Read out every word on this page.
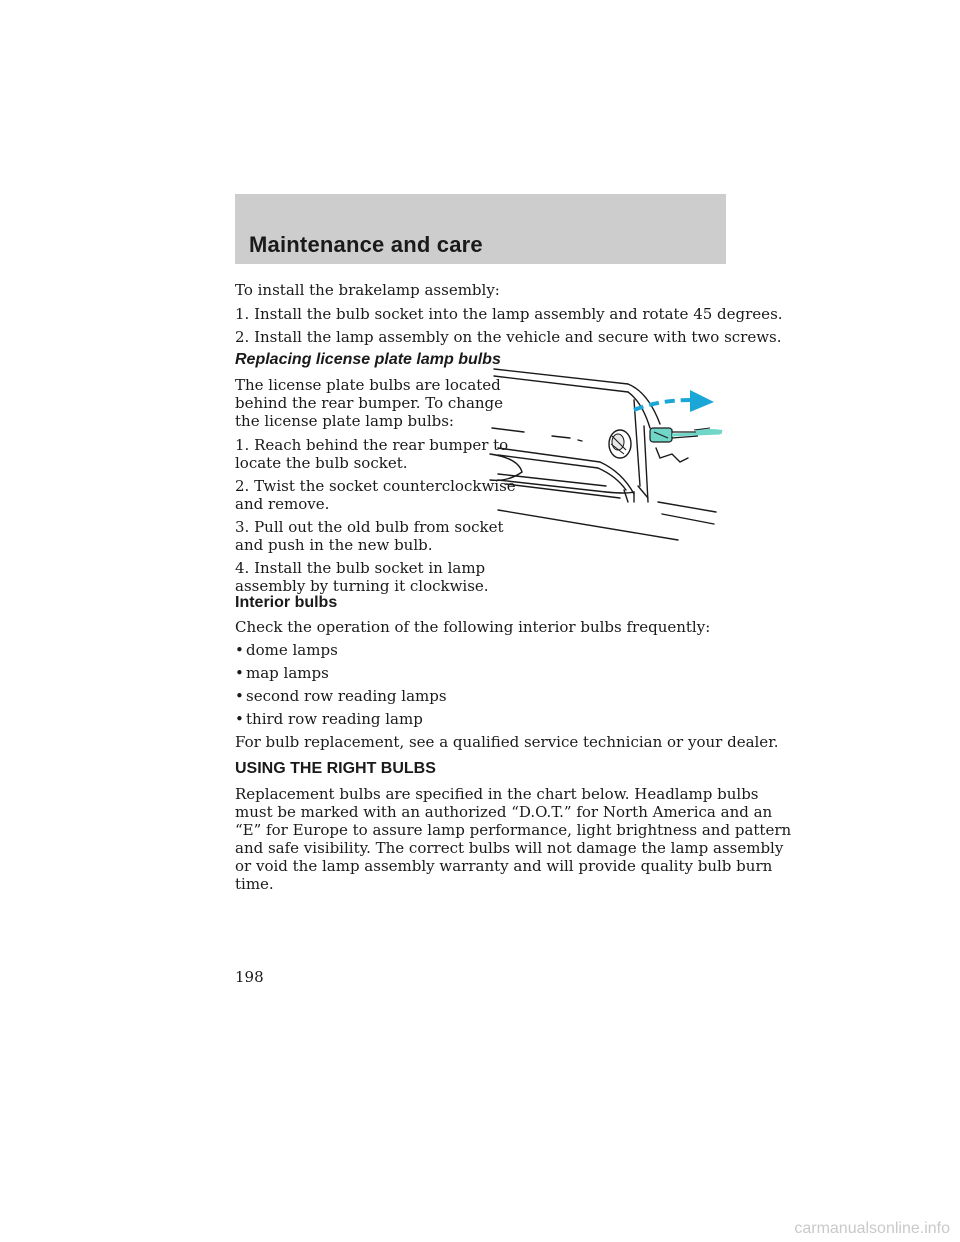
Maintenance and care

To install the brakelamp assembly:

1. Install the bulb socket into the lamp assembly and rotate 45 degrees.

2. Install the lamp assembly on the vehicle and secure with two screws.

Replacing license plate lamp bulbs

The license plate bulbs are located

behind the rear bumper. To change

the license plate lamp bulbs:

1. Reach behind the rear bumper to

locate the bulb socket.

2. Twist the socket counterclockwise

and remove.

3. Pull out the old bulb from socket

and push in the new bulb.

4. Install the bulb socket in lamp

assembly by turning it clockwise.

Interior bulbs

Check the operation of the following interior bulbs frequently:

• dome lamps
• map lamps
• second row reading lamps
• third row reading lamp

For bulb replacement, see a qualified service technician or your dealer.

USING THE RIGHT BULBS

Replacement bulbs are specified in the chart below. Headlamp bulbs

must be marked with an authorized “D.O.T.” for North America and an

“E” for Europe to assure lamp performance, light brightness and pattern

and safe visibility. The correct bulbs will not damage the lamp assembly

or void the lamp assembly warranty and will provide quality bulb burn

time.

198
carmanualsonline.info
